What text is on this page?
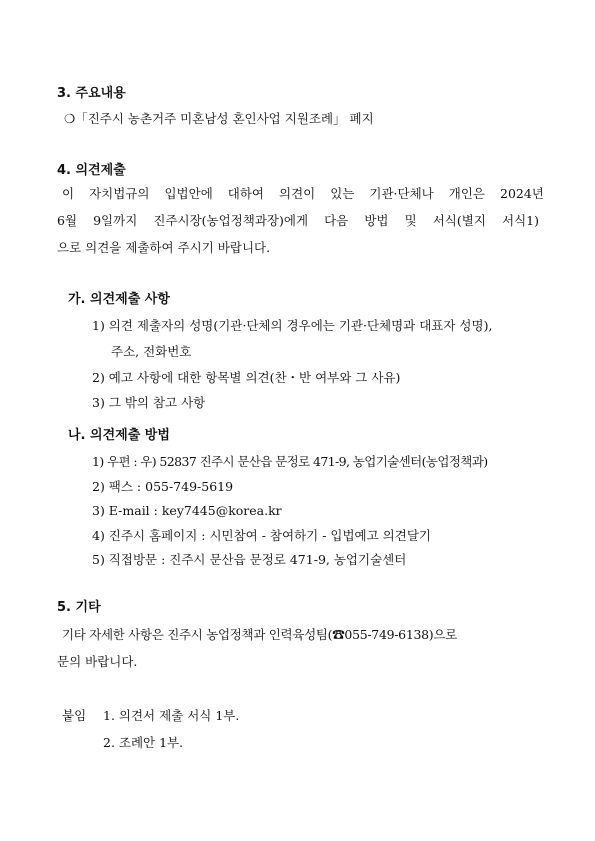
3. 주요내용
❍「진주시 농촌거주 미혼남성 혼인사업 지원조례」 폐지
4. 의견제출
이 자치법규의 입법안에 대하여 의견이 있는 기관·단체나 개인은 2024년
6월 9일까지 진주시장(농업정책과장)에게 다음 방법 및 서식(별지 서식1)
으로 의견을 제출하여 주시기 바랍니다.
가. 의견제출 사항
1) 의견 제출자의 성명(기관·단체의 경우에는 기관·단체명과 대표자 성명),
주소, 전화번호
2) 예고 사항에 대한 항목별 의견(찬・반 여부와 그 사유)
3) 그 밖의 참고 사항
나. 의견제출 방법
1) 우편 : 우) 52837 진주시 문산읍 문정로 471-9, 농업기술센터(농업정책과)
2) 팩스 : 055-749-5619
3) E-mail : key7445@korea.kr
4) 진주시 홈페이지 : 시민참여 - 참여하기 - 입법예고 의견달기
5) 직접방문 : 진주시 문산읍 문정로 471-9, 농업기술센터
5. 기타
기타 자세한 사항은 진주시 농업정책과 인력육성팀(☎055-749-6138)으로
문의 바랍니다.
붙임 1. 의견서 제출 서식 1부.
2. 조례안 1부.
